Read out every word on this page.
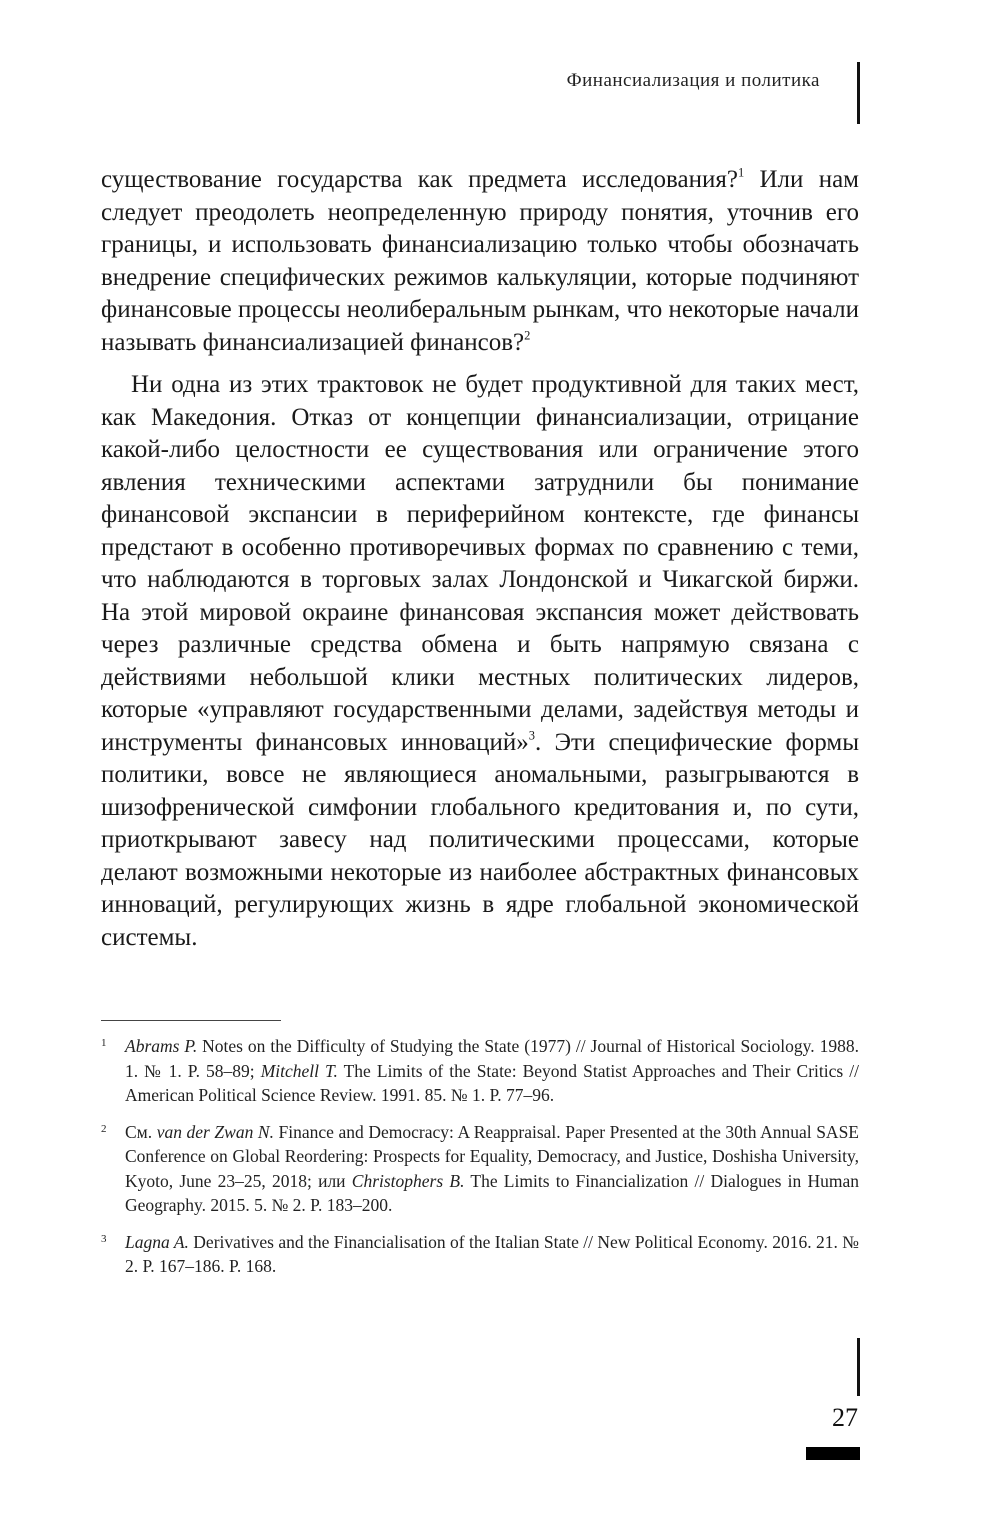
Финансиализация и политика

существование государства как предмета исследования?$^1$ Или нам следует преодолеть неопределенную природу понятия, уточнив его границы, и использовать финансиализацию только чтобы обозначать внедрение специфических режимов калькуляции, которые подчиняют финансовые процессы неолиберальным рынкам, что некоторые начали называть финансиализацией финансов?$^2$

Ни одна из этих трактовок не будет продуктивной для таких мест, как Македония. Отказ от концепции финансиализации, отрицание какой-либо целостности ее существования или ограничение этого явления техническими аспектами затруднили бы понимание финансовой экспансии в периферийном контексте, где финансы предстают в особенно противоречивых формах по сравнению с теми, что наблюдаются в торговых залах Лондонской и Чикагской биржи. На этой мировой окраине финансовая экспансия может действовать через различные средства обмена и быть напрямую связана с действиями небольшой клики местных политических лидеров, которые «управляют государственными делами, задействуя методы и инструменты финансовых инноваций»$^3$. Эти специфические формы политики, вовсе не являющиеся аномальными, разыгрываются в шизофренической симфонии глобального кредитования и, по сути, приоткрывают завесу над политическими процессами, которые делают возможными некоторые из наиболее абстрактных финансовых инноваций, регулирующих жизнь в ядре глобальной экономической системы.

1 Abrams P. Notes on the Difficulty of Studying the State (1977) // Journal of Historical Sociology. 1988. 1. № 1. P. 58–89; Mitchell T. The Limits of the State: Beyond Statist Approaches and Their Critics // American Political Science Review. 1991. 85. № 1. P. 77–96.
2 См. van der Zwan N. Finance and Democracy: A Reappraisal. Paper Presented at the 30th Annual SASE Conference on Global Reordering: Prospects for Equality, Democracy, and Justice, Doshisha University, Kyoto, June 23–25, 2018; или Christophers B. The Limits to Financialization // Dialogues in Human Geography. 2015. 5. № 2. P. 183–200.
3 Lagna A. Derivatives and the Financialisation of the Italian State // New Political Economy. 2016. 21. № 2. P. 167–186. P. 168.
27
